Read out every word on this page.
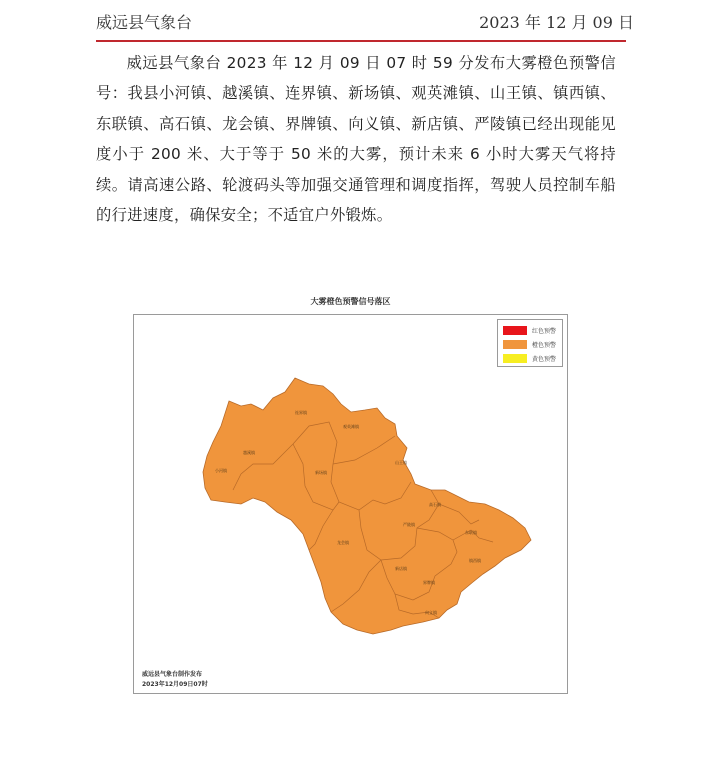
威远县气象台	2023 年 12 月 09 日
威远县气象台 2023 年 12 月 09 日 07 时 59 分发布大雾橙色预警信号：我县小河镇、越溪镇、连界镇、新场镇、观英滩镇、山王镇、镇西镇、东联镇、高石镇、龙会镇、界牌镇、向义镇、新店镇、严陵镇已经出现能见度小于 200 米、大于等于 50 米的大雾，预计未来 6 小时大雾天气将持续。请高速公路、轮渡码头等加强交通管理和调度指挥，驾驶人员控制车船的行进速度，确保安全；不适宜户外锻炼。
大雾橙色预警信号落区
连界镇
观英滩镇
越溪镇
小河镇	新场镇
山王镇
高石镇
严陵镇
龙会镇
东联镇
镇西镇
新店镇
界牌镇
向义镇
红色预警
橙色预警
黄色预警
威远县气象台制作发布
2023年12月09日07时
